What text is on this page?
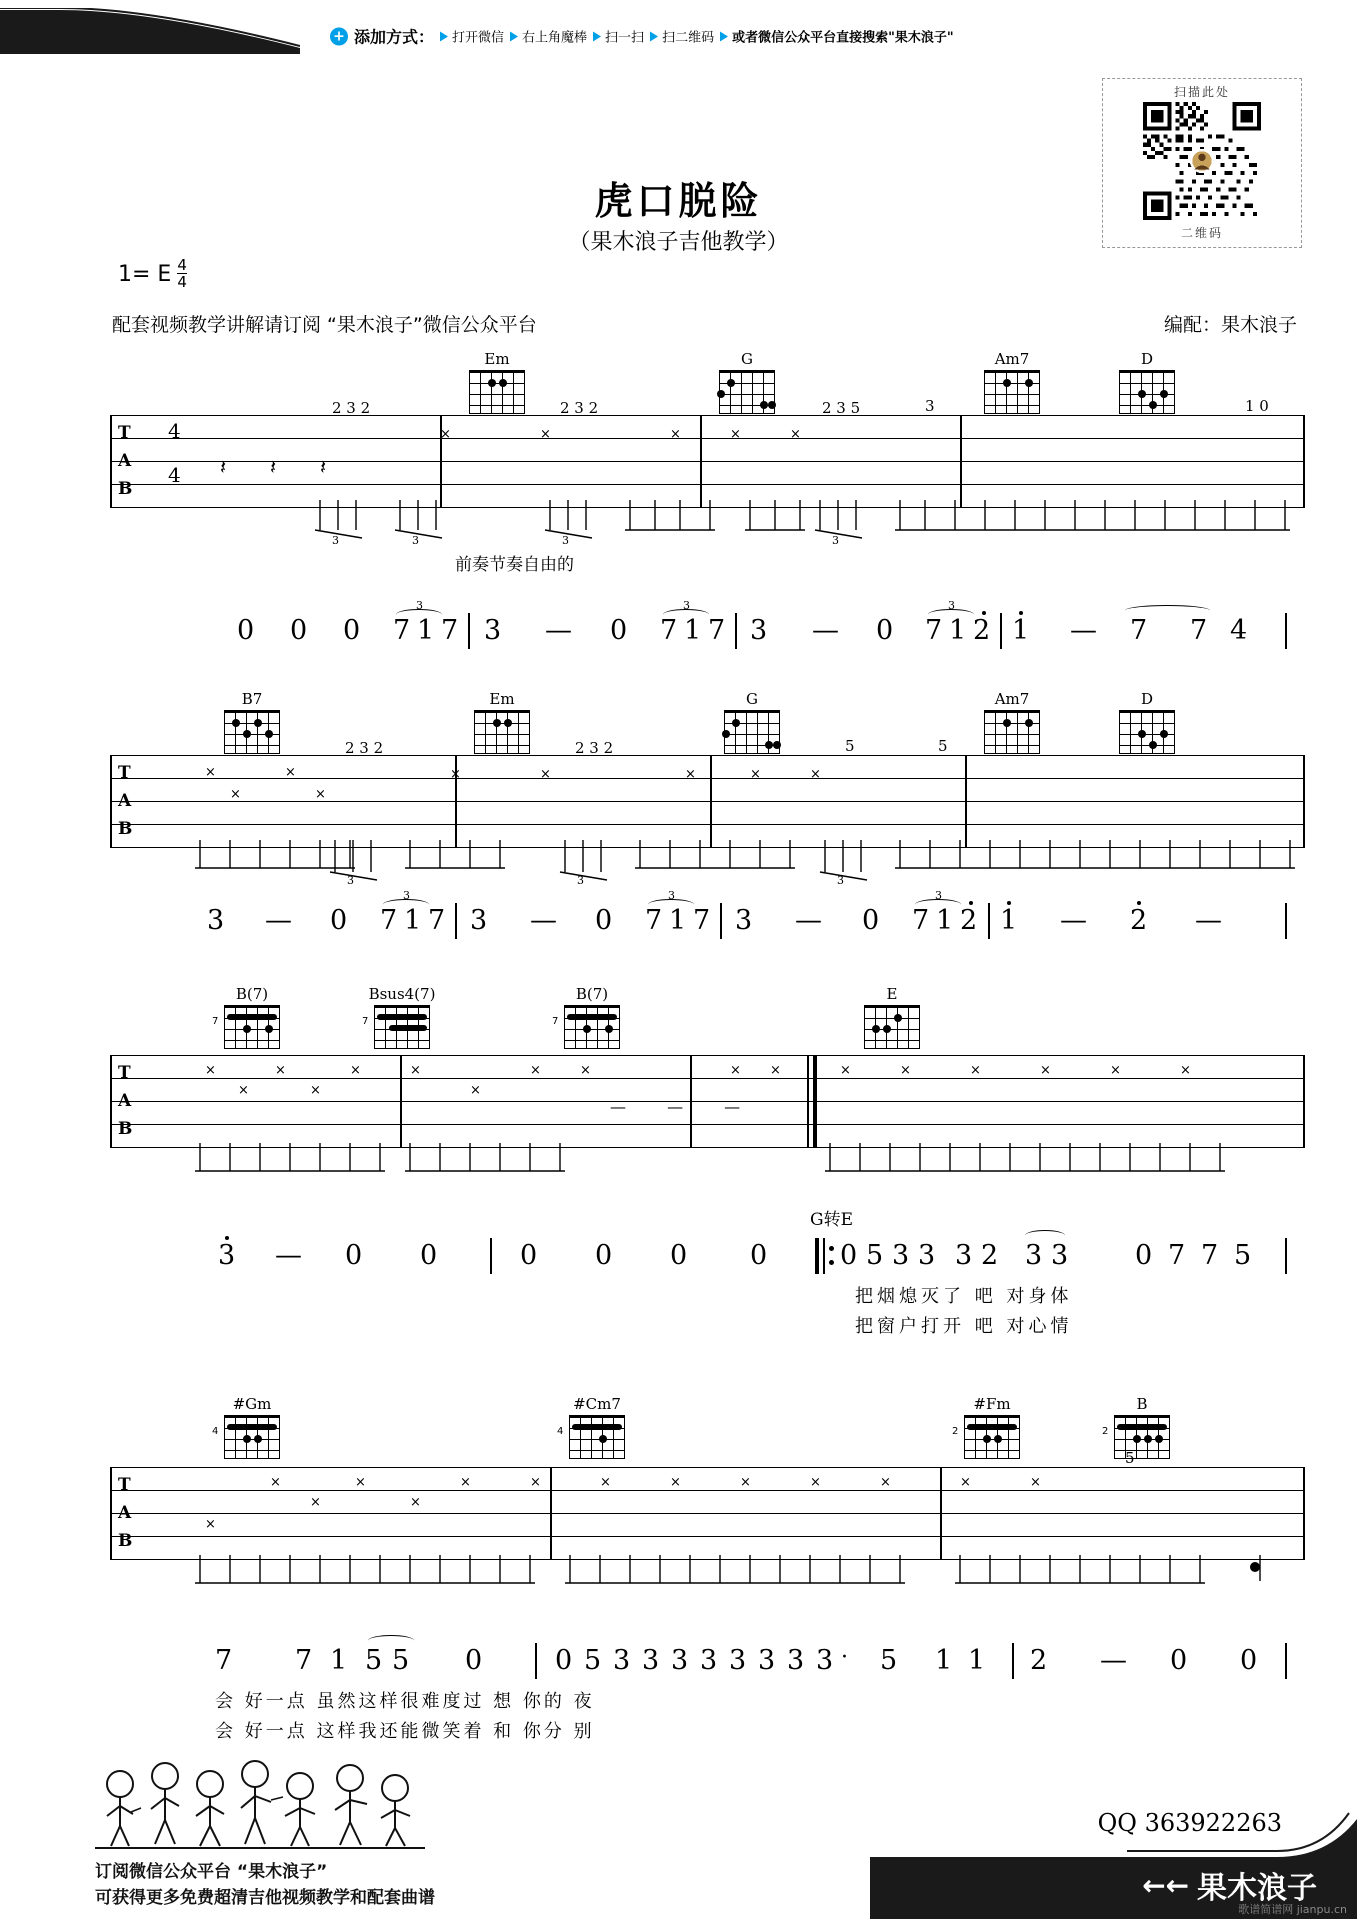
+ 添加方式： 打开微信 右上角魔棒 扫一扫 扫二维码 或者微信公众平台直接搜索"果木浪子"
扫描此处
二维码
虎口脱险
（果木浪子吉他教学）
1= E $\frac{4}{4}$
配套视频教学讲解请订阅 “果木浪子”微信公众平台	编配：果木浪子
Em	G	Am7	D
T
A
B
4
4 𝄽 𝄽 𝄽
2 3 2	2 3 2	2 3 5	3	1 0
×	×	×	×	×
3	3	3	3
前奏节奏自由的
0 0 0 7 1 7
3
3 — 0 7 1 7
3
3 — 0 7 1 2
3
1 — 7 7 4
B7	Em	G	Am7	D
T
A
B
×
×
×
×
2 3 2	2 3 2	5	5
×	×	×	×	×
3	3	3
3 — 0 7 1 7
3
3 — 0 7 1 7
3
3 — 0 7 1 2
3
1 — 2 —
B(7)
7
Bsus4(7)
7
B(7)
7
E
T
A
B
×
×
×
×
×	×
×
×	×	× ×	×	×	×	×	×	×
— — —
G转E
3 — 0 0	0 0 0 0	0 5 3 3 3 2 3 3 0 7 7 5
把烟熄灭了 吧 对身体
把窗户打开 吧 对心情
#Gm
4
#Cm7
4
#Fm
2
B
2
T
A
B
×
×
×
×
×
×	×	×	×	×	×	×	×	×
5
7 7 1 5 5 0	0 5 3 3 3 3 3 3 3 3 · 5 1 1 2 — 0 0
会 好一点 虽然这样很难度过 想 你的 夜
会 好一点 这样我还能微笑着 和 你分 别
QQ 363922263
订阅微信公众平台 “果木浪子”
可获得更多免费超清吉他视频教学和配套曲谱	←← 果木浪子
歌谱简谱网 jianpu.cn
